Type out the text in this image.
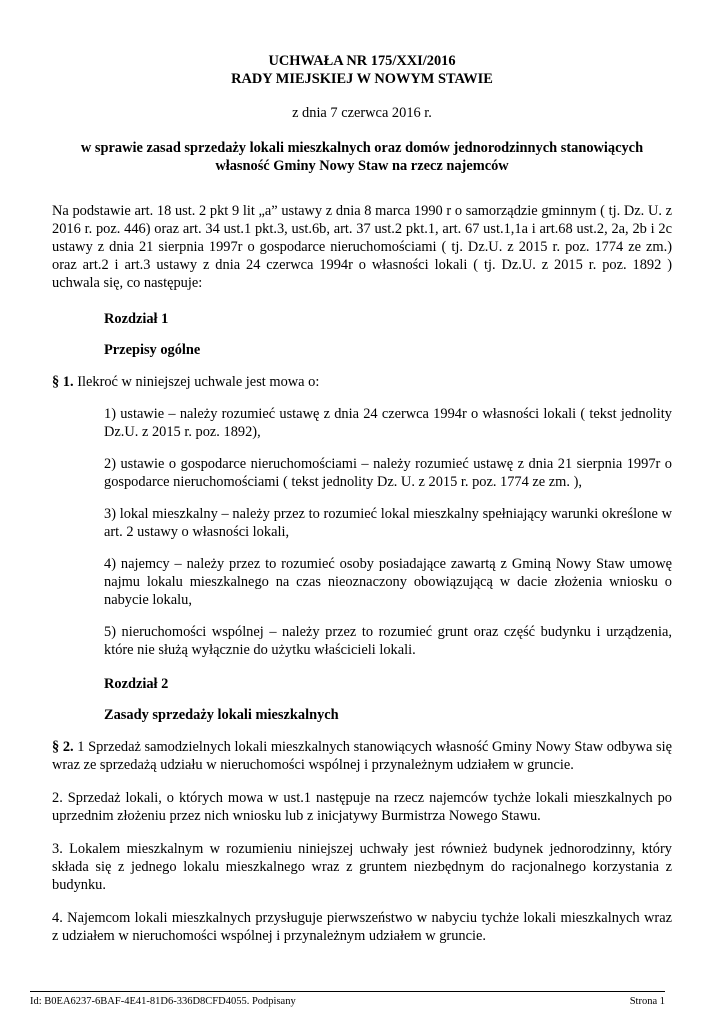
UCHWAŁA NR 175/XXI/2016

RADY MIEJSKIEJ W NOWYM STAWIE

z dnia 7 czerwca 2016 r.

w sprawie zasad sprzedaży lokali mieszkalnych oraz domów jednorodzinnych stanowiących

własność Gminy Nowy Staw na rzecz najemców

Na podstawie art. 18 ust. 2 pkt 9 lit „a” ustawy z dnia 8 marca 1990 r o samorządzie gminnym ( tj. Dz. U. z 2016 r. poz. 446) oraz art. 34 ust.1 pkt.3, ust.6b, art. 37 ust.2 pkt.1, art. 67 ust.1,1a i art.68 ust.2, 2a, 2b i 2c ustawy z dnia 21 sierpnia 1997r o gospodarce nieruchomościami ( tj. Dz.U. z 2015 r. poz. 1774 ze zm.) oraz art.2 i art.3 ustawy z dnia 24 czerwca 1994r o własności lokali ( tj. Dz.U. z 2015 r. poz. 1892 ) uchwala się, co następuje:

Rozdział 1

Przepisy ogólne

§ 1. Ilekroć w niniejszej uchwale jest mowa o:

1) ustawie – należy rozumieć ustawę z dnia 24 czerwca 1994r o własności lokali ( tekst jednolity Dz.U. z 2015 r. poz. 1892),

2) ustawie o gospodarce nieruchomościami – należy rozumieć ustawę z dnia 21 sierpnia 1997r o gospodarce nieruchomościami ( tekst jednolity Dz. U. z 2015 r. poz. 1774 ze zm. ),

3) lokal mieszkalny – należy przez to rozumieć lokal mieszkalny spełniający warunki określone w art. 2 ustawy o własności lokali,

4) najemcy – należy przez to rozumieć osoby posiadające zawartą z Gminą Nowy Staw umowę najmu lokalu mieszkalnego na czas nieoznaczony obowiązującą w dacie złożenia wniosku o nabycie lokalu,

5) nieruchomości wspólnej – należy przez to rozumieć grunt oraz część budynku i urządzenia, które nie służą wyłącznie do użytku właścicieli lokali.

Rozdział 2

Zasady sprzedaży lokali mieszkalnych

§ 2. 1 Sprzedaż samodzielnych lokali mieszkalnych stanowiących własność Gminy Nowy Staw odbywa się wraz ze sprzedażą udziału w nieruchomości wspólnej i przynależnym udziałem w gruncie.

2. Sprzedaż lokali, o których mowa w ust.1 następuje na rzecz najemców tychże lokali mieszkalnych po uprzednim złożeniu przez nich wniosku lub z inicjatywy Burmistrza Nowego Stawu.

3. Lokalem mieszkalnym w rozumieniu niniejszej uchwały jest również budynek jednorodzinny, który składa się z jednego lokalu mieszkalnego wraz z gruntem niezbędnym do racjonalnego korzystania z budynku.

4. Najemcom lokali mieszkalnych przysługuje pierwszeństwo w nabyciu tychże lokali mieszkalnych wraz z udziałem w nieruchomości wspólnej i przynależnym udziałem w gruncie.

Id: B0EA6237-6BAF-4E41-81D6-336D8CFD4055. Podpisany	Strona 1
